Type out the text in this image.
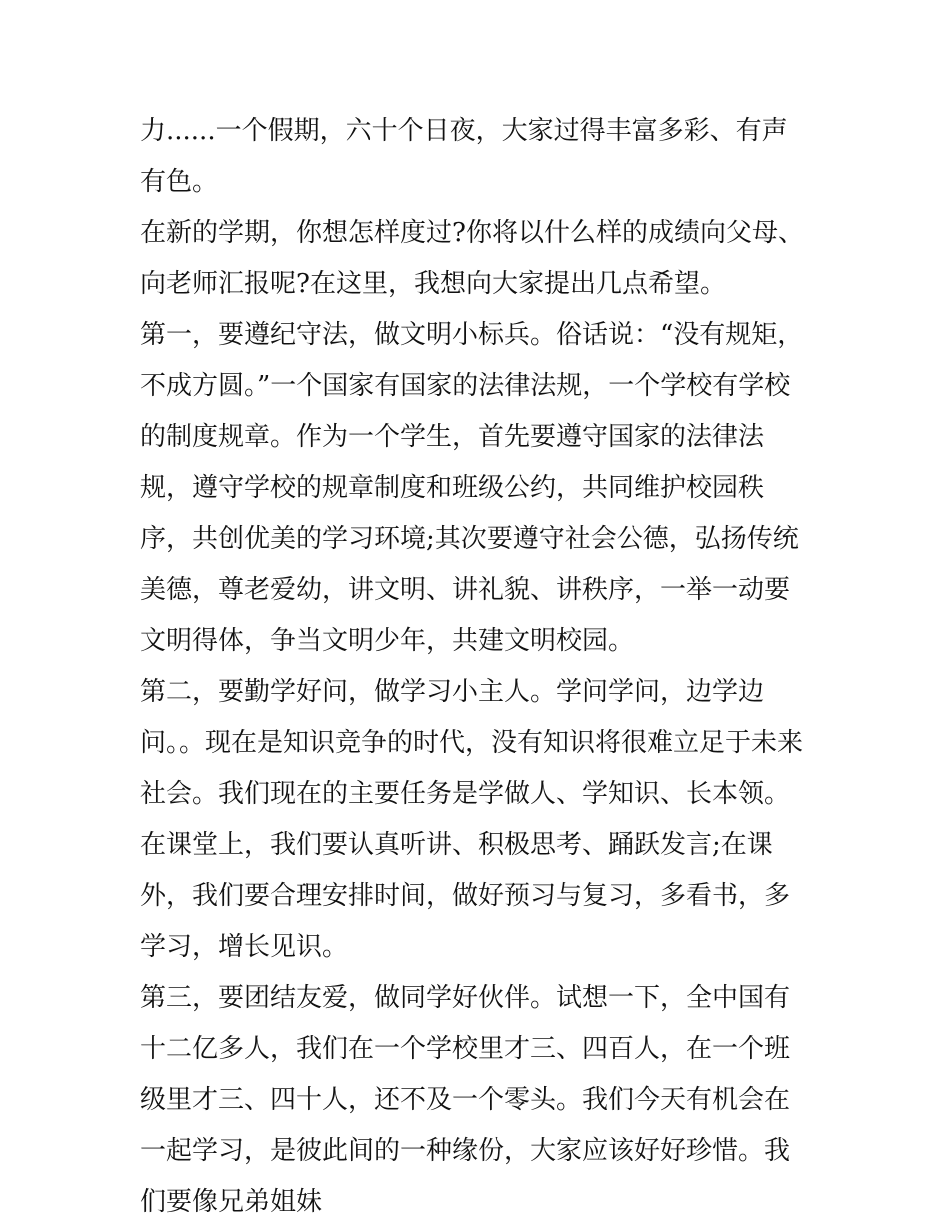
力......一个假期，六十个日夜，大家过得丰富多彩、有声有色。

在新的学期，你想怎样度过?你将以什么样的成绩向父母、向老师汇报呢?在这里，我想向大家提出几点希望。

第一，要遵纪守法，做文明小标兵。俗话说：“没有规矩，不成方圆。”一个国家有国家的法律法规，一个学校有学校的制度规章。作为一个学生，首先要遵守国家的法律法规，遵守学校的规章制度和班级公约，共同维护校园秩序，共创优美的学习环境;其次要遵守社会公德，弘扬传统美德，尊老爱幼，讲文明、讲礼貌、讲秩序，一举一动要文明得体，争当文明少年，共建文明校园。

第二，要勤学好问，做学习小主人。学问学问，边学边问。。现在是知识竞争的时代，没有知识将很难立足于未来社会。我们现在的主要任务是学做人、学知识、长本领。在课堂上，我们要认真听讲、积极思考、踊跃发言;在课外，我们要合理安排时间，做好预习与复习，多看书，多学习，增长见识。

第三，要团结友爱，做同学好伙伴。试想一下，全中国有十二亿多人，我们在一个学校里才三、四百人，在一个班级里才三、四十人，还不及一个零头。我们今天有机会在一起学习，是彼此间的一种缘份，大家应该好好珍惜。我们要像兄弟姐妹
